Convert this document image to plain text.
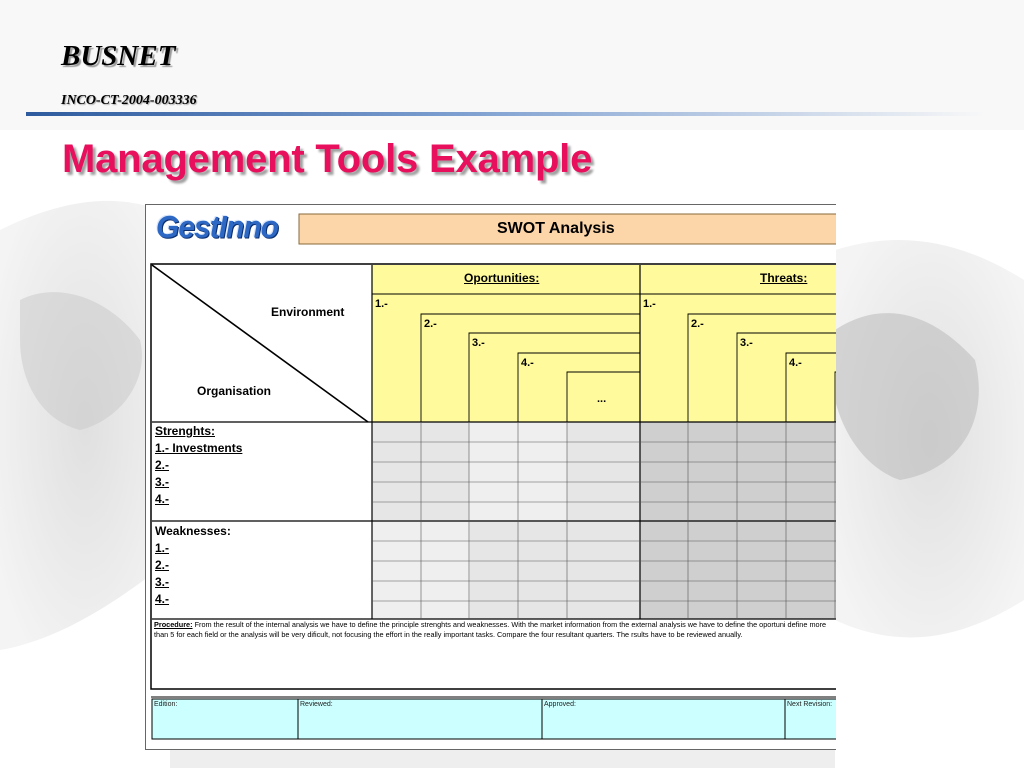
BUSNET
INCO-CT-2004-003336
Management Tools Example
GestInno	SWOT Analysis
Environment
Organisation
Oportunities:	Threats:
1.-
2.-
3.-
4.-
...
1.-
2.-
3.-
4.-
Strenghts:
1.- Investments
2.-
3.-
4.-
Weaknesses:
1.-
2.-
3.-
4.-
Procedure: From the result of the internal analysis we have to define the principle strenghts and weaknesses. With the market information from the external analysis we have to define the oportuni define more than 5 for each field or the analysis will be very dificult, not focusing the effort in the really important tasks. Compare the four resultant quarters. The rsults have to be reviewed anually.
Edition:	Reviewed:	Approved:	Next Revision:
